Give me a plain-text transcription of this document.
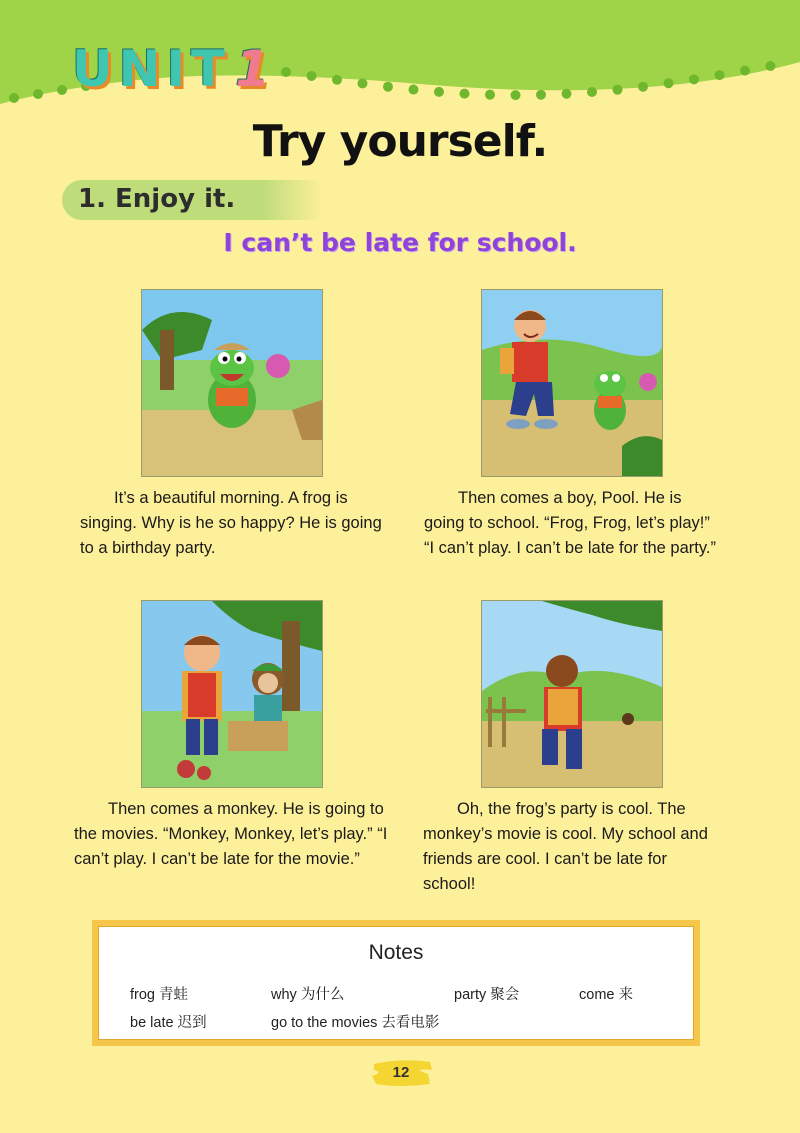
UNIT1
Try yourself.
1. Enjoy it.
I can’t be late for school.

It’s a beautiful morning. A frog is singing. Why is he so happy? He is going to a birthday party.

Then comes a boy, Pool. He is going to school. “Frog, Frog, let’s play!” “I can’t play. I can’t be late for the party.”

Then comes a monkey. He is going to the movies. “Monkey, Monkey, let’s play.” “I can’t play. I can’t be late for the movie.”

Oh, the frog’s party is cool. The monkey’s movie is cool. My school and friends are cool. I can’t be late for school!

Notes
frog 青蛙	why 为什么	party 聚会	come 来
be late 迟到	go to the movies 去看电影
12
